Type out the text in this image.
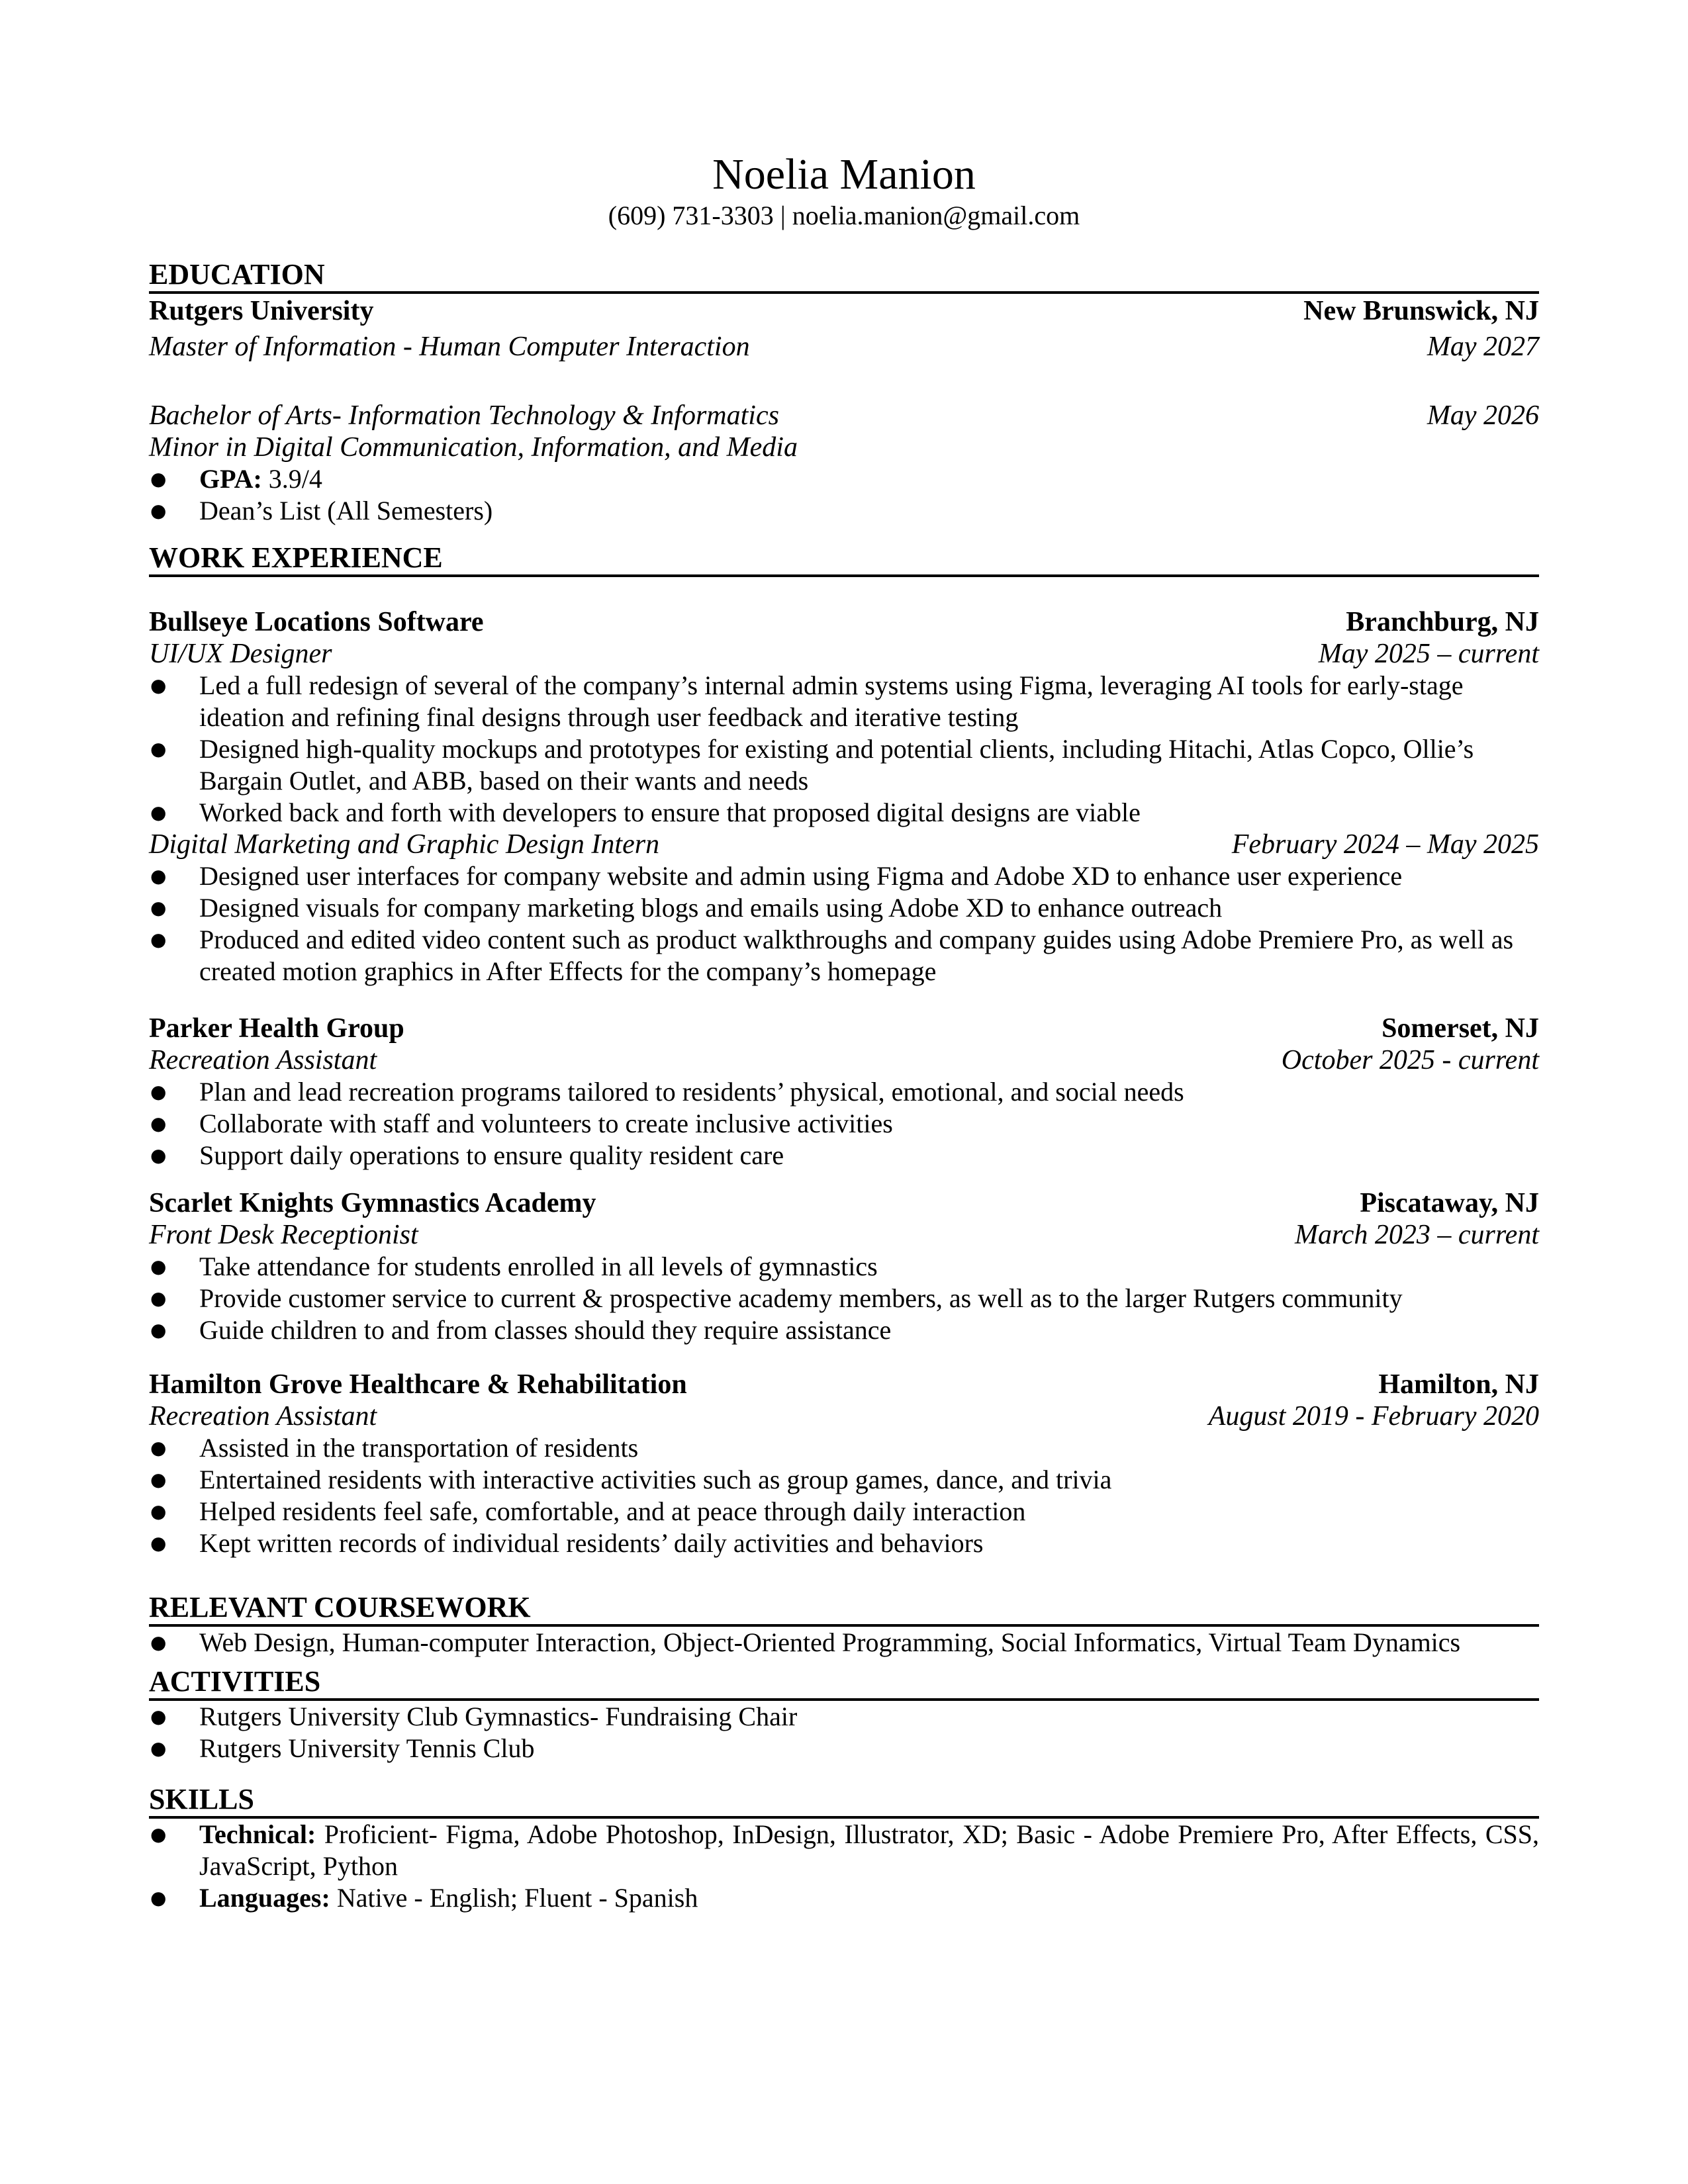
Noelia Manion
(609) 731-3303 | noelia.manion@gmail.com
EDUCATION
Rutgers University	New Brunswick, NJ
Master of Information - Human Computer Interaction	May 2027
Bachelor of Arts- Information Technology & Informatics	May 2026
Minor in Digital Communication, Information, and Media
● GPA: 3.9/4
● Dean’s List (All Semesters)
WORK EXPERIENCE
Bullseye Locations Software	Branchburg, NJ
UI/UX Designer	May 2025 – current
● Led a full redesign of several of the company’s internal admin systems using Figma, leveraging AI tools for early-stage ideation and refining final designs through user feedback and iterative testing
● Designed high-quality mockups and prototypes for existing and potential clients, including Hitachi, Atlas Copco, Ollie’s Bargain Outlet, and ABB, based on their wants and needs
● Worked back and forth with developers to ensure that proposed digital designs are viable
Digital Marketing and Graphic Design Intern	February 2024 – May 2025
● Designed user interfaces for company website and admin using Figma and Adobe XD to enhance user experience
● Designed visuals for company marketing blogs and emails using Adobe XD to enhance outreach
● Produced and edited video content such as product walkthroughs and company guides using Adobe Premiere Pro, as well as created motion graphics in After Effects for the company’s homepage
Parker Health Group	Somerset, NJ
Recreation Assistant	October 2025 - current
● Plan and lead recreation programs tailored to residents’ physical, emotional, and social needs
● Collaborate with staff and volunteers to create inclusive activities
● Support daily operations to ensure quality resident care
Scarlet Knights Gymnastics Academy	Piscataway, NJ
Front Desk Receptionist	March 2023 – current
● Take attendance for students enrolled in all levels of gymnastics
● Provide customer service to current & prospective academy members, as well as to the larger Rutgers community
● Guide children to and from classes should they require assistance
Hamilton Grove Healthcare & Rehabilitation	Hamilton, NJ
Recreation Assistant	August 2019 - February 2020
● Assisted in the transportation of residents
● Entertained residents with interactive activities such as group games, dance, and trivia
● Helped residents feel safe, comfortable, and at peace through daily interaction
● Kept written records of individual residents’ daily activities and behaviors
RELEVANT COURSEWORK
● Web Design, Human-computer Interaction, Object-Oriented Programming, Social Informatics, Virtual Team Dynamics
ACTIVITIES
● Rutgers University Club Gymnastics- Fundraising Chair
● Rutgers University Tennis Club
SKILLS
● Technical: Proficient- Figma, Adobe Photoshop, InDesign, Illustrator, XD; Basic - Adobe Premiere Pro, After Effects, CSS, JavaScript, Python
● Languages: Native - English; Fluent - Spanish
